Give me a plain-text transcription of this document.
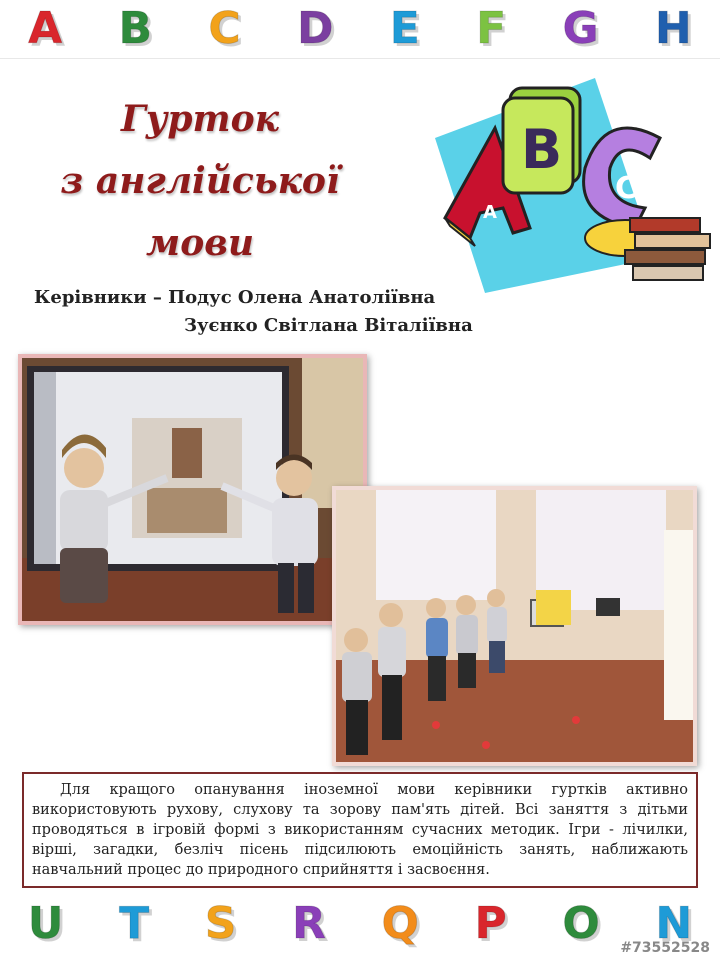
A B C D E F G H
Гурток
з англійської
мови
A
B
C
Керівники – Подус Олена Анатоліївна
Зуєнко Світлана Віталіївна
Для кращого опанування іноземної мови керівники гуртків активно використовують рухову, слухову та зорову пам'ять дітей. Всі заняття з дітьми проводяться в ігровій формі з використанням сучасних методик. Ігри - лічилки, вірші, загадки, безліч пісень підсилюють емоційність занять, наближають навчальний процес до природного сприйняття і засвоєння.
U T S R Q P O N
#73552528
